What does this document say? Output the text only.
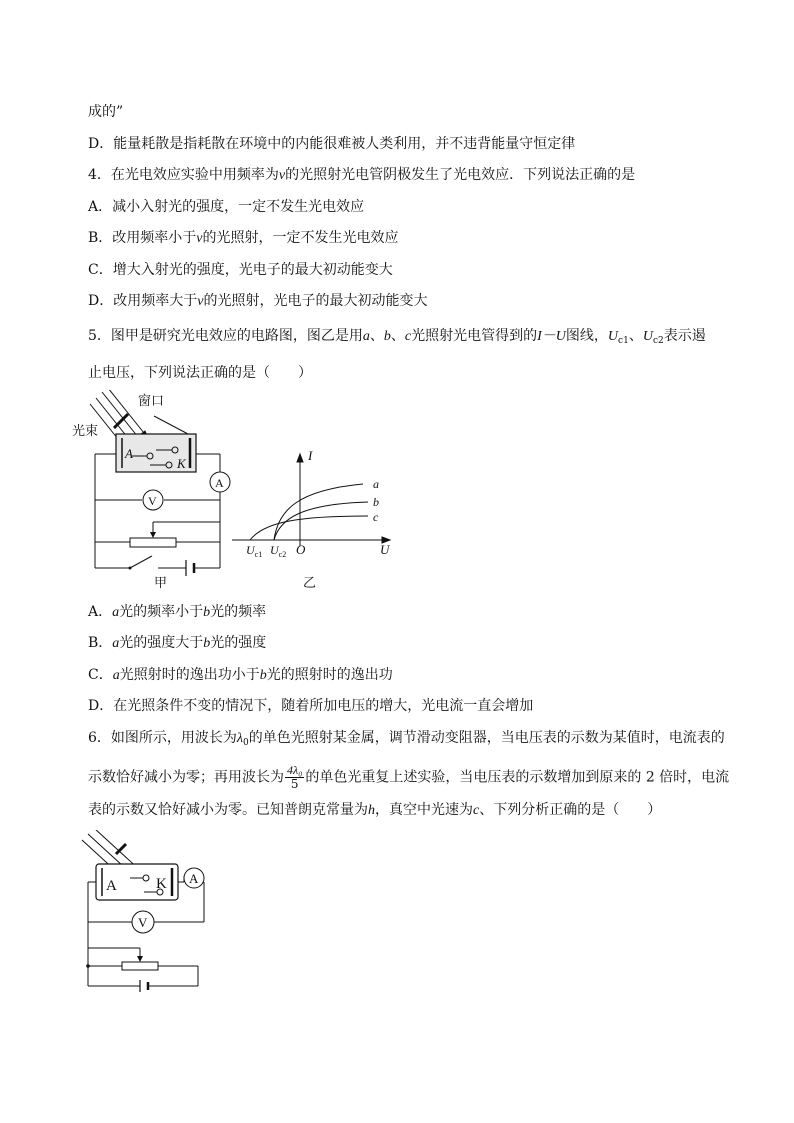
成的”
D．能量耗散是指耗散在环境中的内能很难被人类利用，并不违背能量守恒定律
4．在光电效应实验中用频率为ν的光照射光电管阴极发生了光电效应．下列说法正确的是
A．减小入射光的强度，一定不发生光电效应
B．改用频率小于ν的光照射，一定不发生光电效应
C．增大入射光的强度，光电子的最大初动能变大
D．改用频率大于ν的光照射，光电子的最大初动能变大
5．图甲是研究光电效应的电路图，图乙是用a、b、c光照射光电管得到的I－U图线，$U_{c1}$、$U_{c2}$表示遏
止电压，下列说法正确的是（　　）
窗口
光束
A
K
A
V
甲
I
U
O
a
b
c
$U_{c1}$ $U_{c2}$
乙
A．a光的频率小于b光的频率
B．a光的强度大于b光的强度
C．a光照射时的逸出功小于b光的照射时的逸出功
D．在光照条件不变的情况下，随着所加电压的增大，光电流一直会增加
6．如图所示，用波长为$\lambda_0$的单色光照射某金属，调节滑动变阻器，当电压表的示数为某值时，电流表的
示数恰好减小为零；再用波长为 $\frac{\text{4λ₀}}{5}$ 的单色光重复上述实验，当电压表的示数增加到原来的 2 倍时，电流
表的示数又恰好减小为零。已知普朗克常量为h，真空中光速为c、下列分析正确的是（　　）
A	K A
V
